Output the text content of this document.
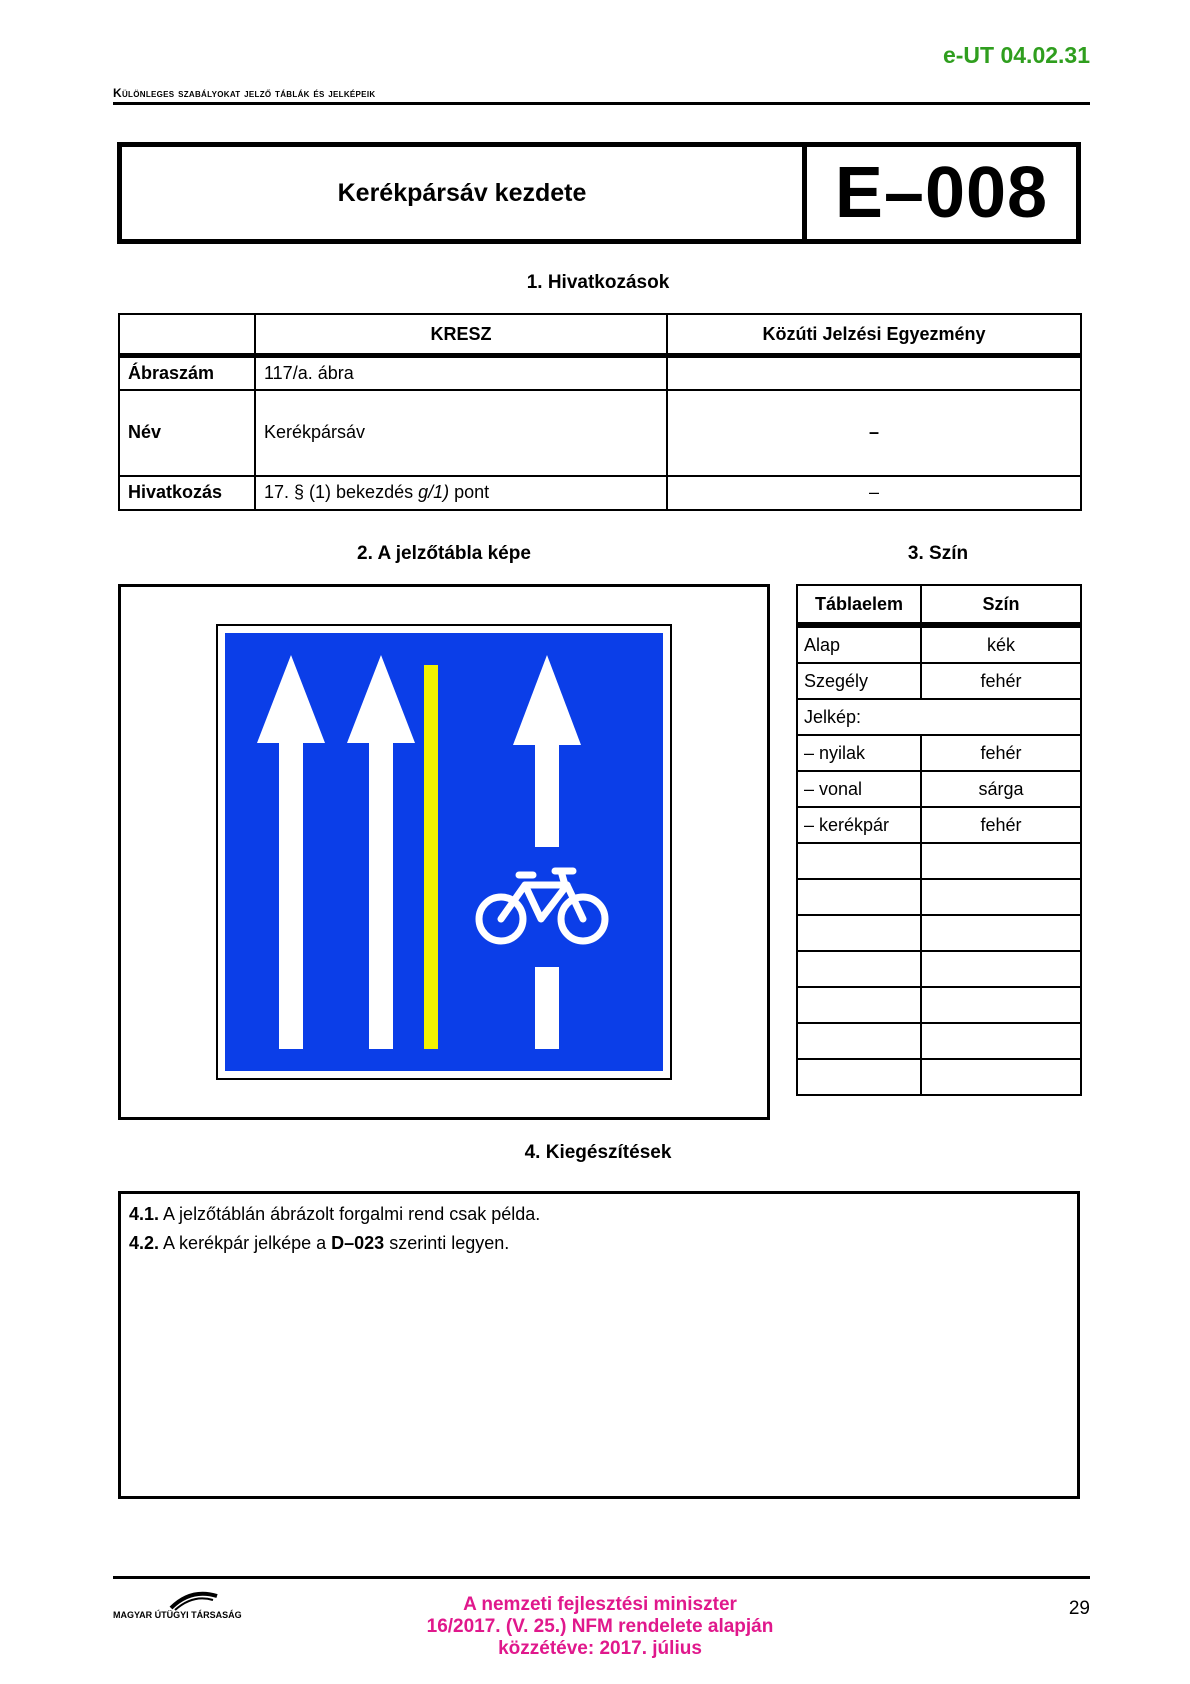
e-UT 04.02.31
Különleges szabályokat jelző táblák és jelképeik
Kerékpársáv kezdete	E–008
1. Hivatkozások
	KRESZ	Közúti Jelzési Egyezmény
Ábraszám	117/a. ábra	
Név	Kerékpársáv	–
Hivatkozás	17. § (1) bekezdés g/1) pont	–
2. A jelzőtábla képe	3. Szín
Táblaelem	Szín
Alap	kék
Szegély	fehér
Jelkép:	
– nyilak	fehér
– vonal	sárga
– kerékpár	fehér

4. Kiegészítések
4.1. A jelzőtáblán ábrázolt forgalmi rend csak példa.
4.2. A kerékpár jelképe a D–023 szerinti legyen.
MAGYAR ÚTÜGYI TÁRSASÁG	A nemzeti fejlesztési miniszter
16/2017. (V. 25.) NFM rendelete alapján
közzétéve: 2017. július
29
